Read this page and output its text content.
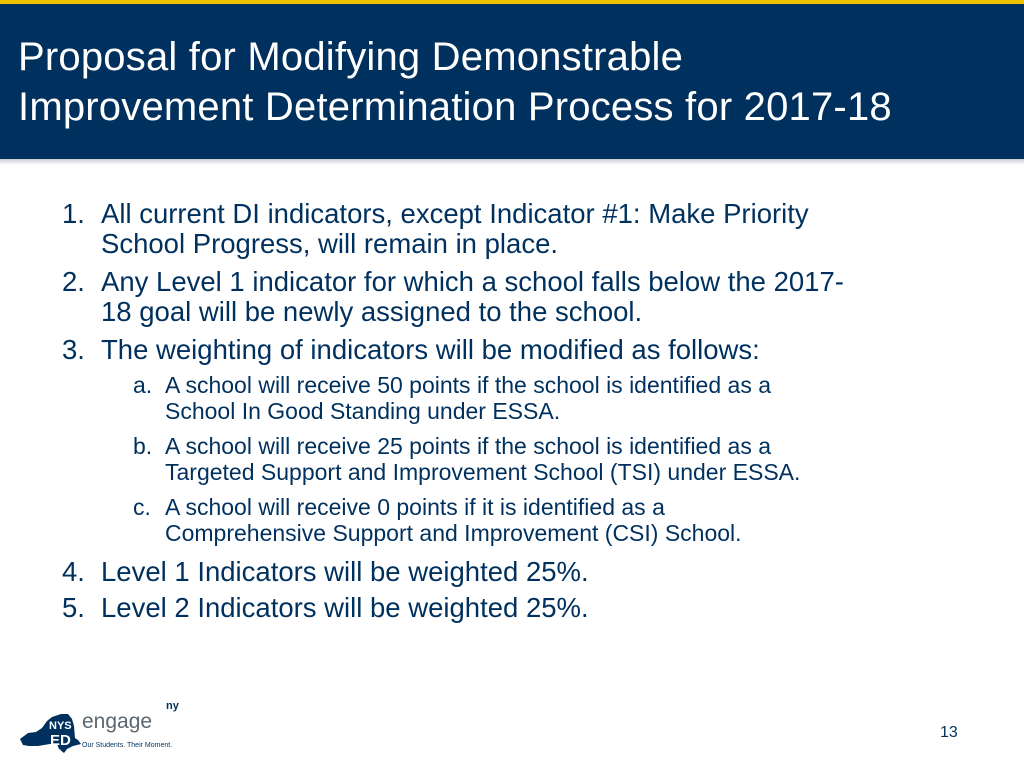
Proposal for Modifying Demonstrable
Improvement Determination Process for 2017-18
1. All current DI indicators, except Indicator #1: Make Priority
School Progress, will remain in place.
2. Any Level 1 indicator for which a school falls below the 2017-
18 goal will be newly assigned to the school.
3. The weighting of indicators will be modified as follows:
a. A school will receive 50 points if the school is identified as a
School In Good Standing under ESSA.
b. A school will receive 25 points if the school is identified as a
Targeted Support and Improvement School (TSI) under ESSA.
c. A school will receive 0 points if it is identified as a
Comprehensive Support and Improvement (CSI) School.
4. Level 1 Indicators will be weighted 25%.
5. Level 2 Indicators will be weighted 25%.
NYS
ED
.gov
engage
ny
Our Students. Their Moment.
13
